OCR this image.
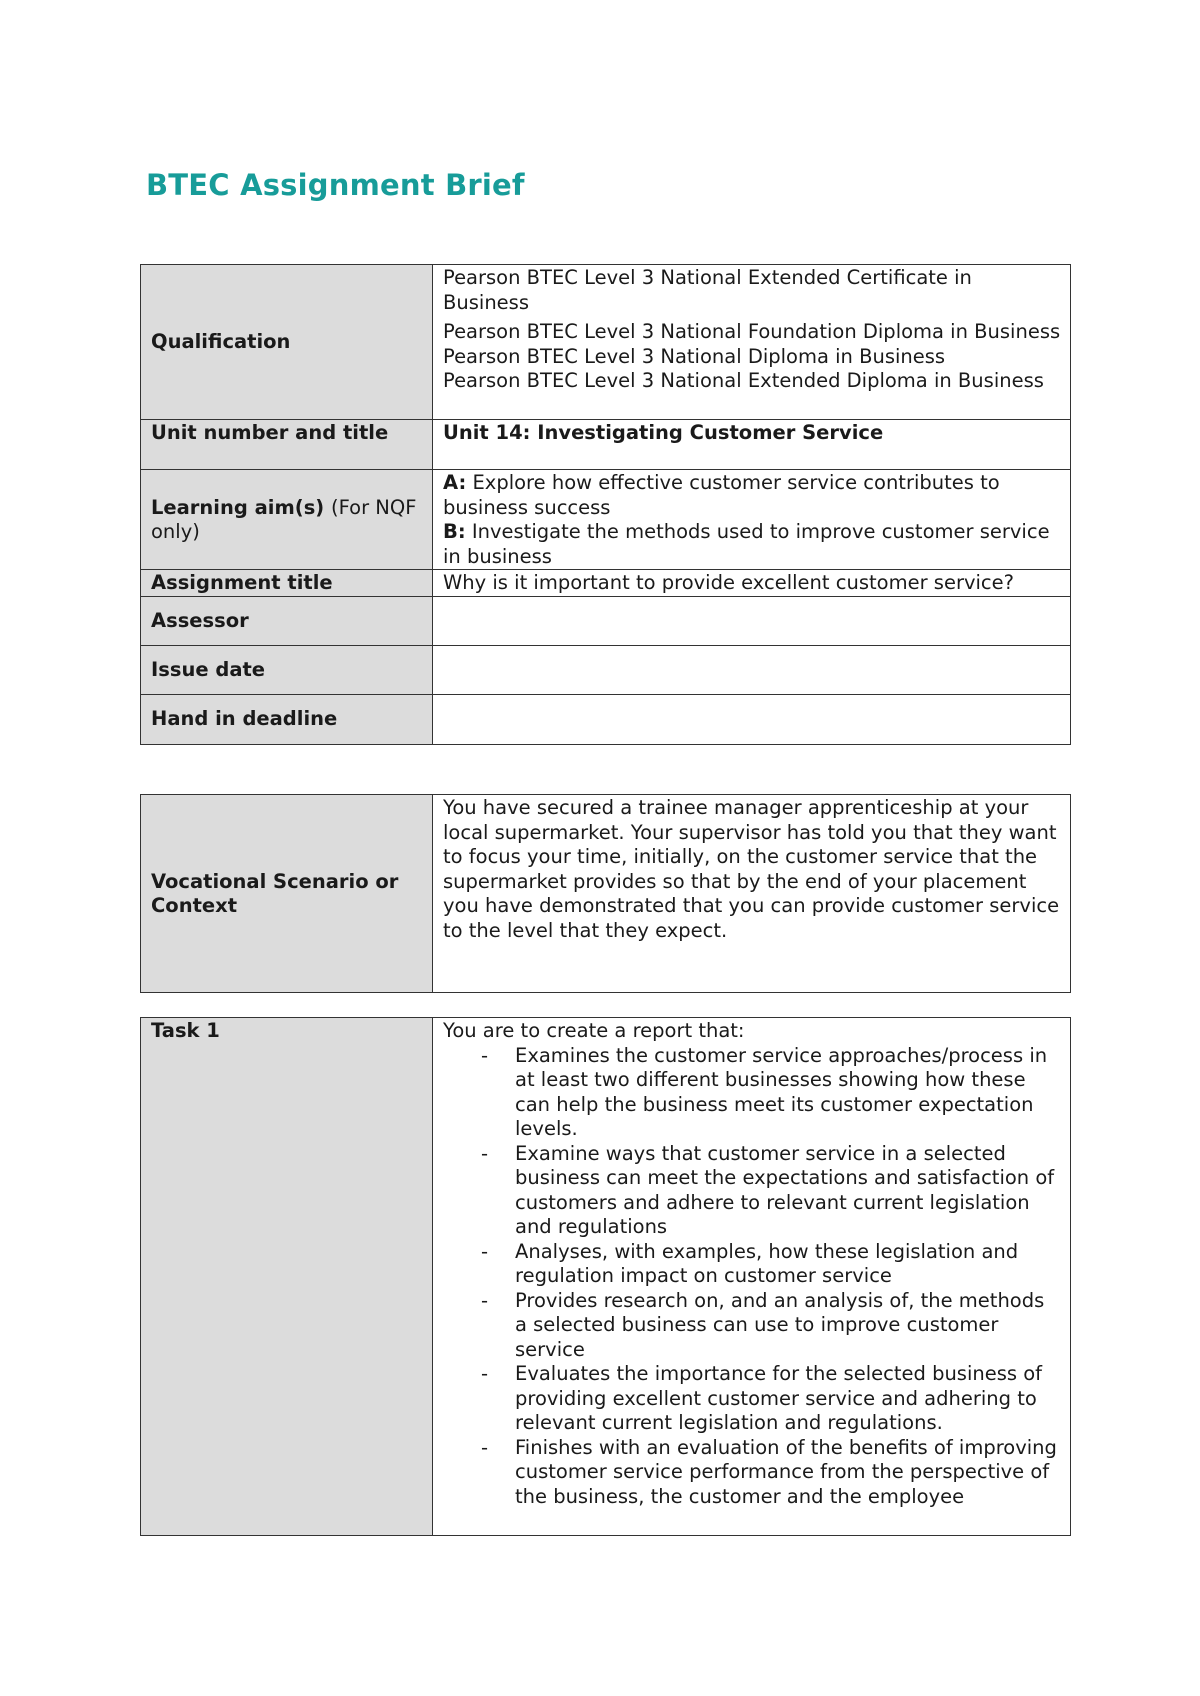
BTEC Assignment Brief
Qualification	Pearson BTEC Level 3 National Extended Certificate in Business
Pearson BTEC Level 3 National Foundation Diploma in Business
Pearson BTEC Level 3 National Diploma in Business
Pearson BTEC Level 3 National Extended Diploma in Business

Unit number and title	Unit 14: Investigating Customer Service
Learning aim(s) (For NQF only)	A: Explore how effective customer service contributes to business success
B: Investigate the methods used to improve customer service in business

Assignment title	Why is it important to provide excellent customer service?
Assessor	
Issue date	
Hand in deadline	
Vocational Scenario or Context	You have secured a trainee manager apprenticeship at your local supermarket. Your supervisor has told you that they want to focus your time, initially, on the customer service that the supermarket provides so that by the end of your placement you have demonstrated that you can provide customer service to the level that they expect.
Task 1	You are to create a report that:
- Examines the customer service approaches/process in at least two different businesses showing how these can help the business meet its customer expectation levels.
- Examine ways that customer service in a selected business can meet the expectations and satisfaction of customers and adhere to relevant current legislation and regulations
- Analyses, with examples, how these legislation and regulation impact on customer service
- Provides research on, and an analysis of, the methods a selected business can use to improve customer service
- Evaluates the importance for the selected business of providing excellent customer service and adhering to relevant current legislation and regulations.
- Finishes with an evaluation of the benefits of improving customer service performance from the perspective of the business, the customer and the employee
